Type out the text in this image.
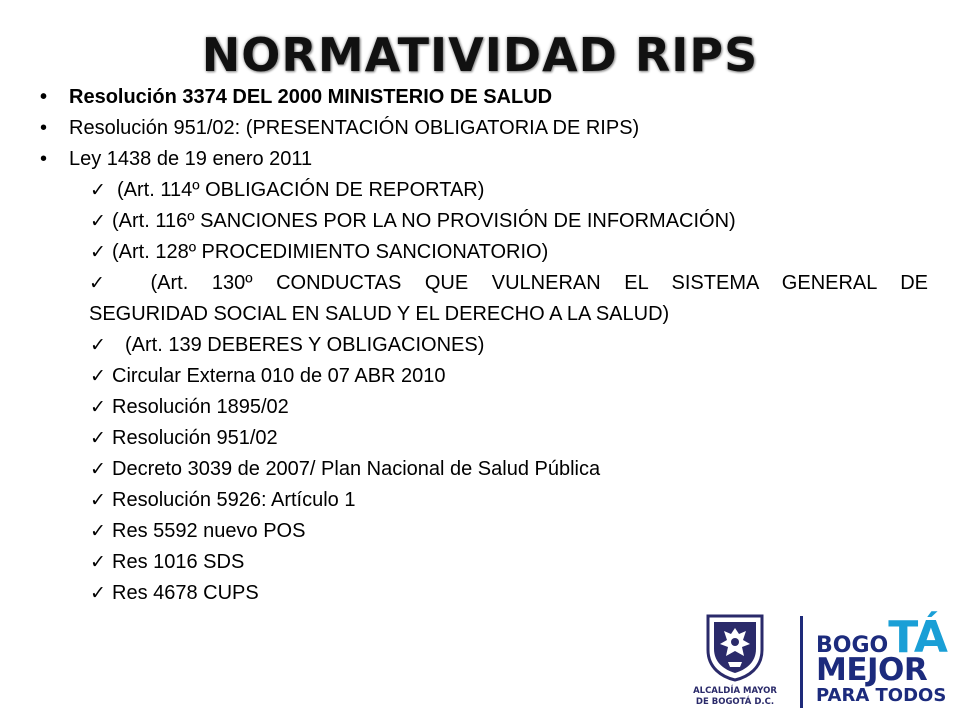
NORMATIVIDAD RIPS
• Resolución 3374 DEL 2000 MINISTERIO DE SALUD
• Resolución 951/02: (PRESENTACIÓN OBLIGATORIA DE RIPS)
• Ley 1438 de 19 enero 2011
✓ (Art. 114º OBLIGACIÓN DE REPORTAR)
✓ (Art. 116º SANCIONES POR LA NO PROVISIÓN DE INFORMACIÓN)
✓ (Art. 128º PROCEDIMIENTO SANCIONATORIO)
✓ (Art. 130º CONDUCTAS QUE VULNERAN EL SISTEMA GENERAL DE
SEGURIDAD SOCIAL EN SALUD Y EL DERECHO A LA SALUD)
✓ (Art. 139 DEBERES Y OBLIGACIONES)
✓ Circular Externa 010 de 07 ABR 2010
✓ Resolución 1895/02
✓ Resolución 951/02
✓ Decreto 3039 de 2007/ Plan Nacional de Salud Pública
✓ Resolución 5926: Artículo 1
✓ Res 5592 nuevo POS
✓ Res 1016 SDS
✓ Res 4678 CUPS
ALCALDÍA MAYOR
DE BOGOTÁ D.C.
BOGOTÁ
MEJOR
PARA TODOS
